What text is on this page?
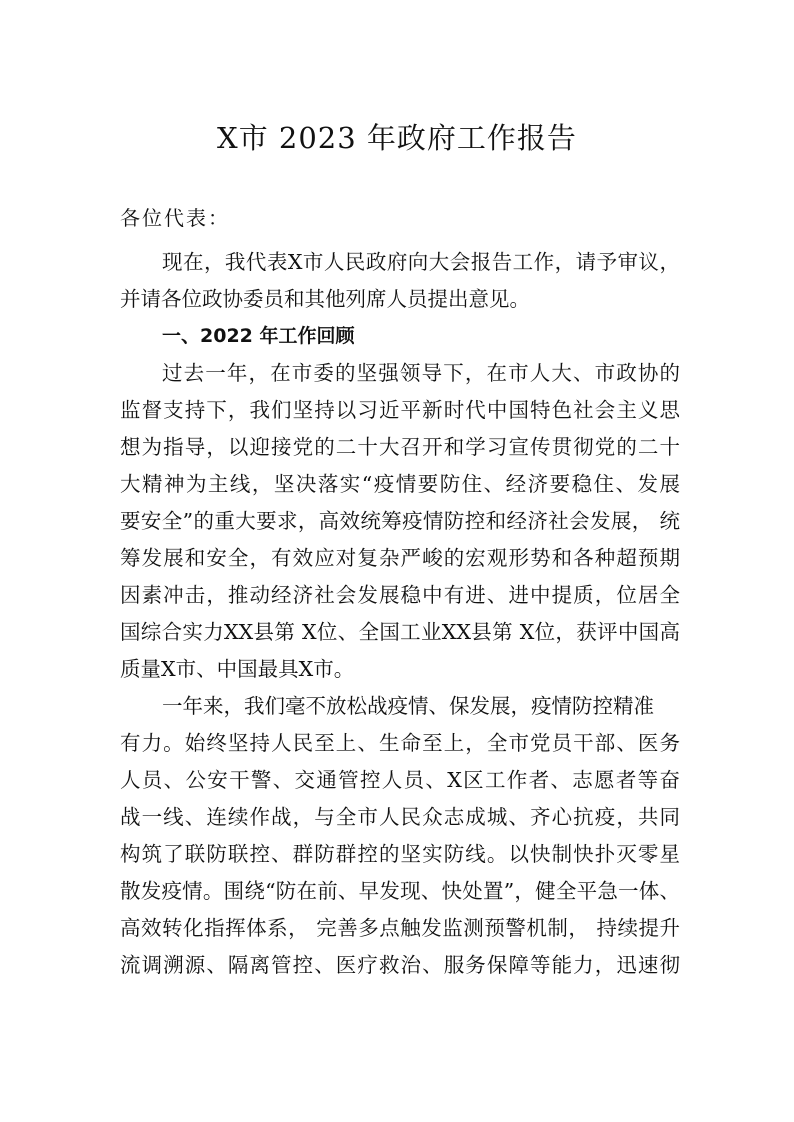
X市 2023 年政府工作报告
各位代表：
现在，我代表X市人民政府向大会报告工作，请予审议，
并请各位政协委员和其他列席人员提出意见。
一、2022 年工作回顾
过去一年，在市委的坚强领导下，在市人大、市政协的
监督支持下，我们坚持以习近平新时代中国特色社会主义思
想为指导，以迎接党的二十大召开和学习宣传贯彻党的二十
大精神为主线，坚决落实“疫情要防住、经济要稳住、发展
要安全”的重大要求，高效统筹疫情防控和经济社会发展， 统
筹发展和安全，有效应对复杂严峻的宏观形势和各种超预期
因素冲击，推动经济社会发展稳中有进、进中提质，位居全
国综合实力XX县第 X位、全国工业XX县第 X位，获评中国高
质量X市、中国最具X市。
一年来，我们毫不放松战疫情、保发展，疫情防控精准
有力。始终坚持人民至上、生命至上，全市党员干部、医务
人员、公安干警、交通管控人员、X区工作者、志愿者等奋
战一线、连续作战，与全市人民众志成城、齐心抗疫，共同
构筑了联防联控、群防群控的坚实防线。以快制快扑灭零星
散发疫情。围绕“防在前、早发现、快处置”，健全平急一体、
高效转化指挥体系， 完善多点触发监测预警机制， 持续提升
流调溯源、隔离管控、医疗救治、服务保障等能力，迅速彻
